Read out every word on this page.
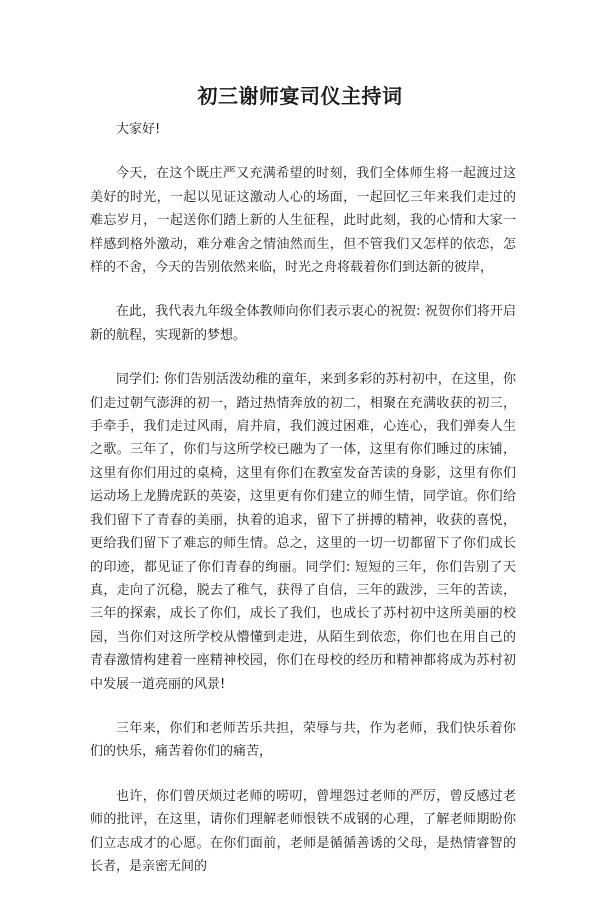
初三谢师宴司仪主持词

大家好!

今天，在这个既庄严又充满希望的时刻，我们全体师生将一起渡过这美好的时光，一起以见证这激动人心的场面，一起回忆三年来我们走过的难忘岁月，一起送你们踏上新的人生征程，此时此刻，我的心情和大家一样感到格外激动，难分难舍之情油然而生，但不管我们又怎样的依恋，怎样的不舍，今天的告别依然来临，时光之舟将载着你们到达新的彼岸，

在此，我代表九年级全体教师向你们表示衷心的祝贺: 祝贺你们将开启新的航程，实现新的梦想。

同学们: 你们告别活泼幼稚的童年，来到多彩的苏村初中，在这里，你们走过朝气澎湃的初一，踏过热情奔放的初二，相聚在充满收获的初三，手牵手，我们走过风雨，肩并肩，我们渡过困难，心连心，我们弹奏人生之歌。三年了，你们与这所学校已融为了一体，这里有你们睡过的床铺，这里有你们用过的桌椅，这里有你们在教室发奋苦读的身影，这里有你们运动场上龙腾虎跃的英姿，这里更有你们建立的师生情，同学谊。你们给我们留下了青春的美丽，执着的追求，留下了拼搏的精神，收获的喜悦，更给我们留下了难忘的师生情。总之，这里的一切一切都留下了你们成长的印迹，都见证了你们青春的绚丽。同学们: 短短的三年，你们告别了天真，走向了沉稳，脱去了稚气，获得了自信，三年的跋涉，三年的苦读，三年的探索，成长了你们，成长了我们，也成长了苏村初中这所美丽的校园，当你们对这所学校从懵懂到走进，从陌生到依恋，你们也在用自己的青春激情构建着一座精神校园，你们在母校的经历和精神都将成为苏村初中发展一道亮丽的风景!

三年来，你们和老师苦乐共担，荣辱与共，作为老师，我们快乐着你们的快乐，痛苦着你们的痛苦，

也许，你们曾厌烦过老师的唠叨，曾埋怨过老师的严厉，曾反感过老师的批评，在这里，请你们理解老师恨铁不成钢的心理，了解老师期盼你们立志成才的心愿。在你们面前，老师是循循善诱的父母，是热情睿智的长者，是亲密无间的
